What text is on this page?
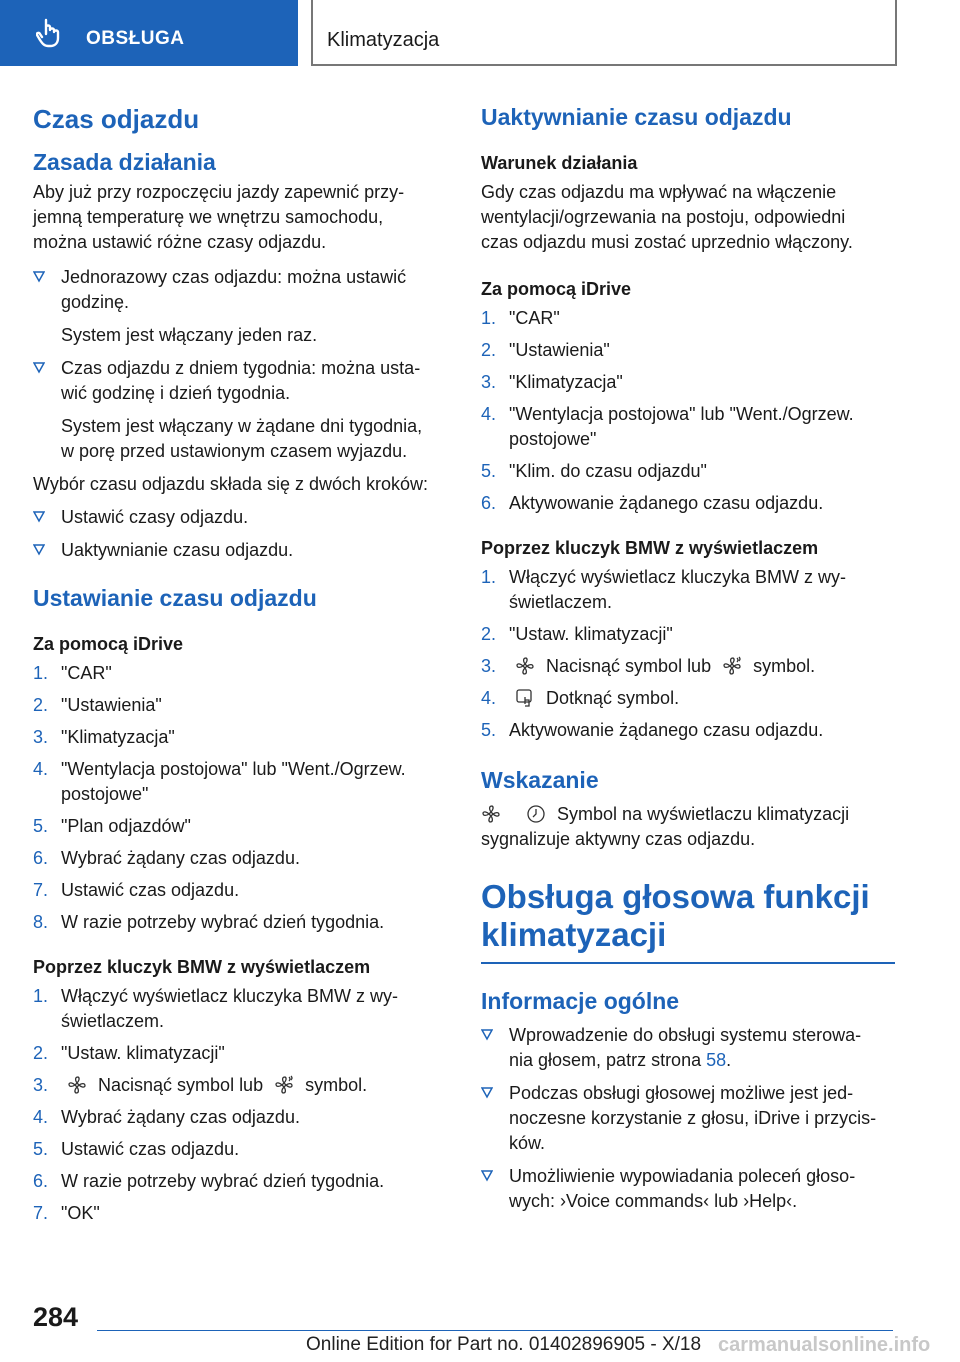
OBSŁUGA	Klimatyzacja
Czas odjazdu
Zasada działania

Aby już przy rozpoczęciu jazdy zapewnić przy-
jemną temperaturę we wnętrzu samochodu,
można ustawić różne czasy odjazdu.

Jednorazowy czas odjazdu: można ustawić
godzinę.
System jest włączany jeden raz.
Czas odjazdu z dniem tygodnia: można usta-
wić godzinę i dzień tygodnia.
System jest włączany w żądane dni tygodnia,
w porę przed ustawionym czasem wyjazdu.

Wybór czasu odjazdu składa się z dwóch kroków:

Ustawić czasy odjazdu.
Uaktywnianie czasu odjazdu.
Ustawianie czasu odjazdu
Za pomocą iDrive
1. "CAR"
2. "Ustawienia"
3. "Klimatyzacja"
4. "Wentylacja postojowa" lub "Went./Ogrzew.
postojowe"
5. "Plan odjazdów"
6. Wybrać żądany czas odjazdu.
7. Ustawić czas odjazdu.
8. W razie potrzeby wybrać dzień tygodnia.
Poprzez kluczyk BMW z wyświetlaczem
1. Włączyć wyświetlacz kluczyka BMW z wy-
świetlaczem.
2. "Ustaw. klimatyzacji"
3.	Nacisnąć symbol lub symbol.
4. Wybrać żądany czas odjazdu.
5. Ustawić czas odjazdu.
6. W razie potrzeby wybrać dzień tygodnia.
7. "OK"
Uaktywnianie czasu odjazdu
Warunek działania

Gdy czas odjazdu ma wpływać na włączenie
wentylacji/ogrzewania na postoju, odpowiedni
czas odjazdu musi zostać uprzednio włączony.

Za pomocą iDrive
1. "CAR"
2. "Ustawienia"
3. "Klimatyzacja"
4. "Wentylacja postojowa" lub "Went./Ogrzew.
postojowe"
5. "Klim. do czasu odjazdu"
6. Aktywowanie żądanego czasu odjazdu.
Poprzez kluczyk BMW z wyświetlaczem
1. Włączyć wyświetlacz kluczyka BMW z wy-
świetlaczem.
2. "Ustaw. klimatyzacji"
3.	Nacisnąć symbol lub symbol.
4.	Dotknąć symbol.
5. Aktywowanie żądanego czasu odjazdu.
Wskazanie

Symbol na wyświetlaczu klimatyzacji
sygnalizuje aktywny czas odjazdu.

Obsługa głosowa funkcji
klimatyzacji
Informacje ogólne
Wprowadzenie do obsługi systemu sterowa-
nia głosem, patrz strona 58.
Podczas obsługi głosowej możliwe jest jed-
noczesne korzystanie z głosu, iDrive i przycis-
ków.
Umożliwienie wypowiadania poleceń głoso-
wych: ›Voice commands‹ lub ›Help‹.
284
Online Edition for Part no. 01402896905 - X/18 carmanualsonline.info
